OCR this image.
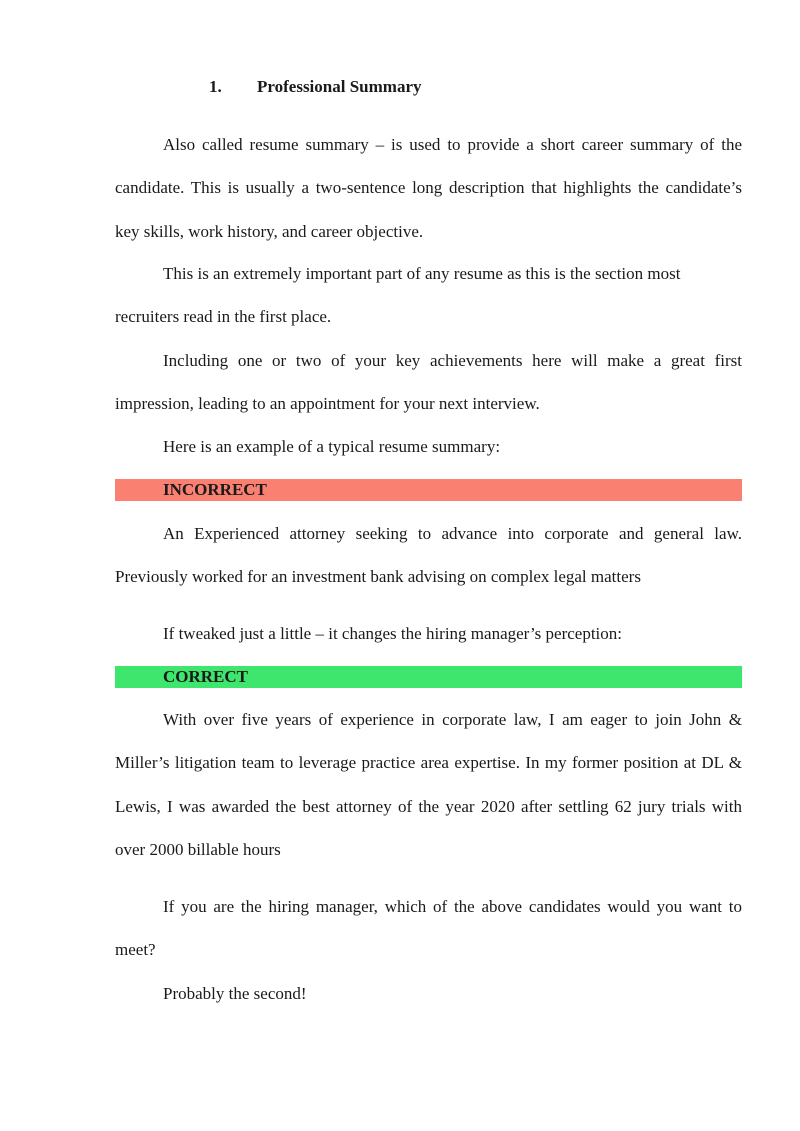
1. Professional Summary

Also called resume summary – is used to provide a short career summary of the candidate. This is usually a two-sentence long description that highlights the candidate’s key skills, work history, and career objective.

This is an extremely important part of any resume as this is the section most recruiters read in the first place.

Including one or two of your key achievements here will make a great first impression, leading to an appointment for your next interview.

Here is an example of a typical resume summary:

INCORRECT

An Experienced attorney seeking to advance into corporate and general law. Previously worked for an investment bank advising on complex legal matters

If tweaked just a little – it changes the hiring manager’s perception:

CORRECT

With over five years of experience in corporate law, I am eager to join John & Miller’s litigation team to leverage practice area expertise. In my former position at DL & Lewis, I was awarded the best attorney of the year 2020 after settling 62 jury trials with over 2000 billable hours

If you are the hiring manager, which of the above candidates would you want to meet?

Probably the second!
